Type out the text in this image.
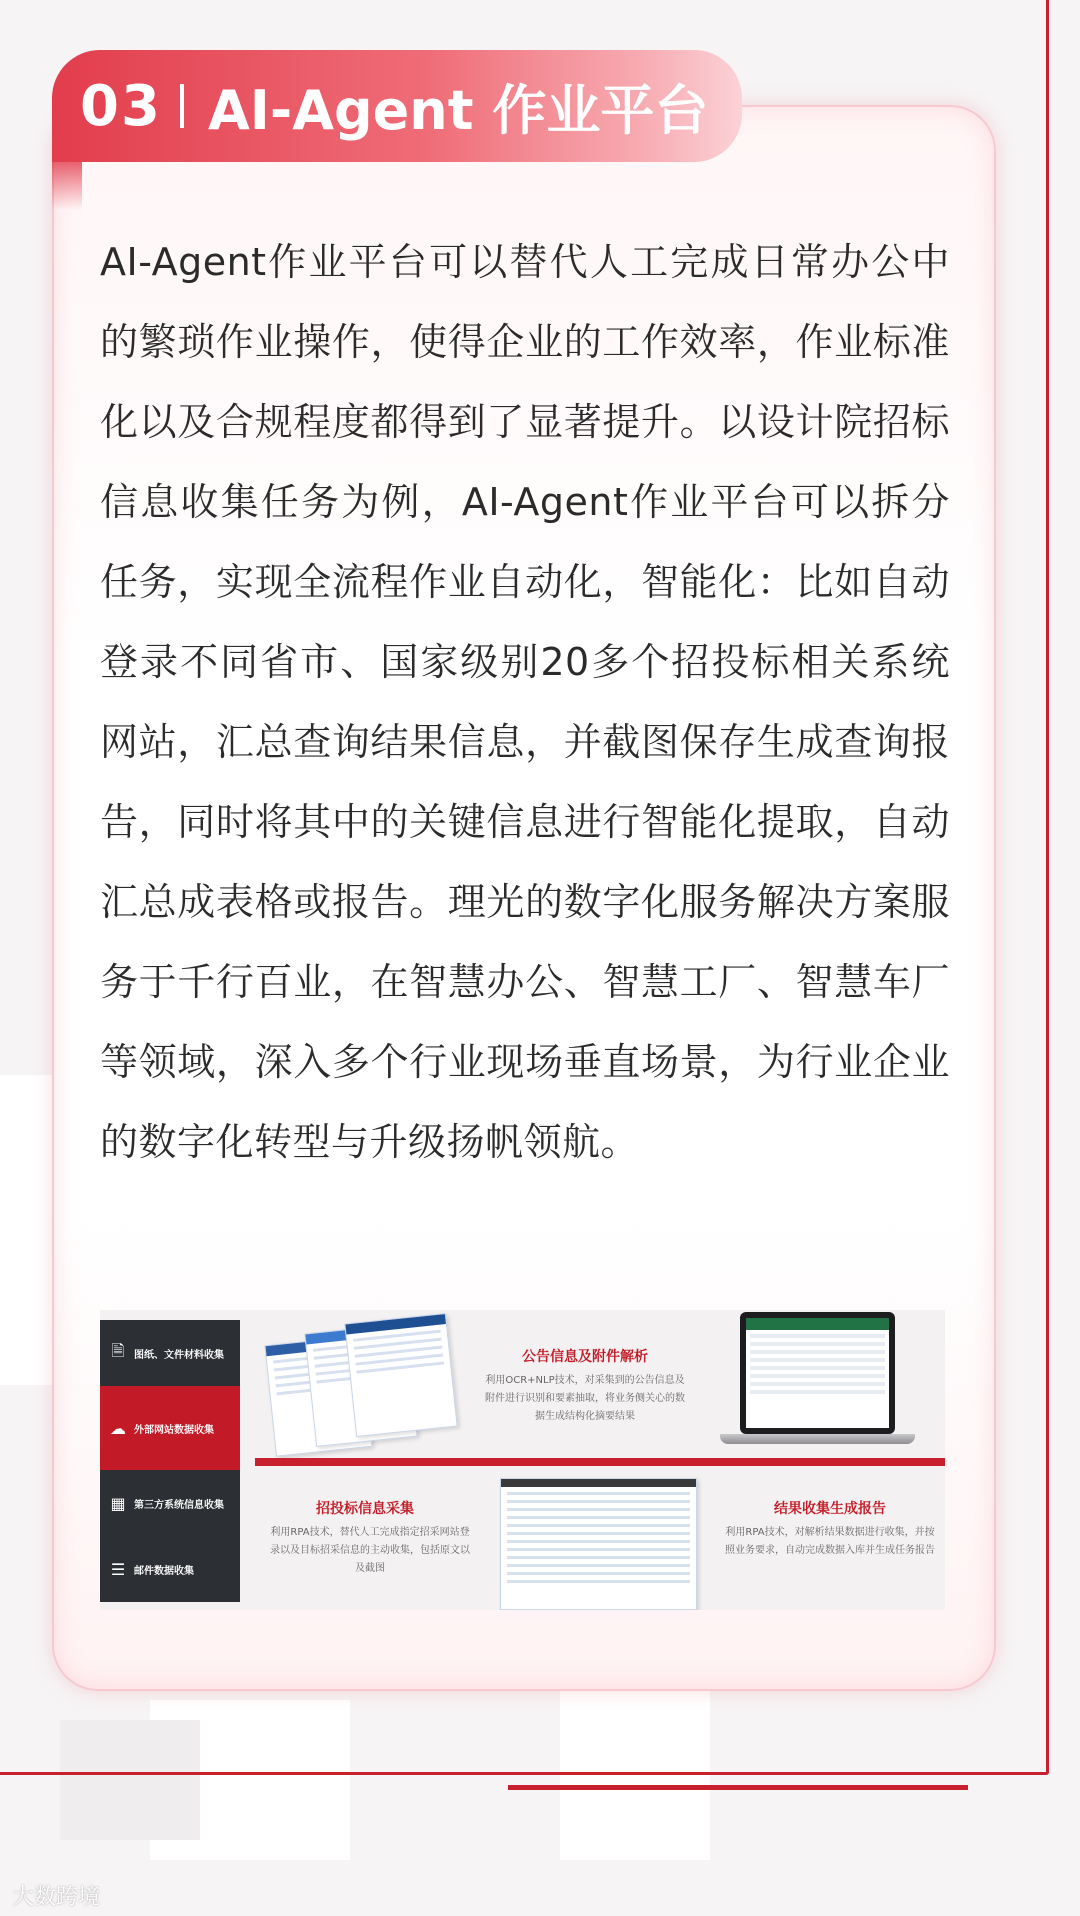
03 AI-Agent 作业平台
AI-Agent作业平台可以替代人工完成日常办公中的繁琐作业操作，使得企业的工作效率，作业标准化以及合规程度都得到了显著提升。以设计院招标信息收集任务为例，AI-Agent作业平台可以拆分任务，实现全流程作业自动化，智能化：比如自动登录不同省市、国家级别20多个招投标相关系统网站，汇总查询结果信息，并截图保存生成查询报告，同时将其中的关键信息进行智能化提取，自动汇总成表格或报告。理光的数字化服务解决方案服务于千行百业，在智慧办公、智慧工厂、智慧车厂等领域，深入多个行业现场垂直场景，为行业企业的数字化转型与升级扬帆领航。
🗎 图纸、文件材料收集
☁ 外部网站数据收集
▦ 第三方系统信息收集
☰ 邮件数据收集
公告信息及附件解析
利用OCR+NLP技术，对采集到的公告信息及附件进行识别和要素抽取，将业务侧关心的数据生成结构化摘要结果
招投标信息采集
利用RPA技术，替代人工完成指定招采网站登录以及目标招采信息的主动收集，包括原文以及截图
结果收集生成报告
利用RPA技术，对解析结果数据进行收集，并按照业务要求，自动完成数据入库并生成任务报告
大数跨境
